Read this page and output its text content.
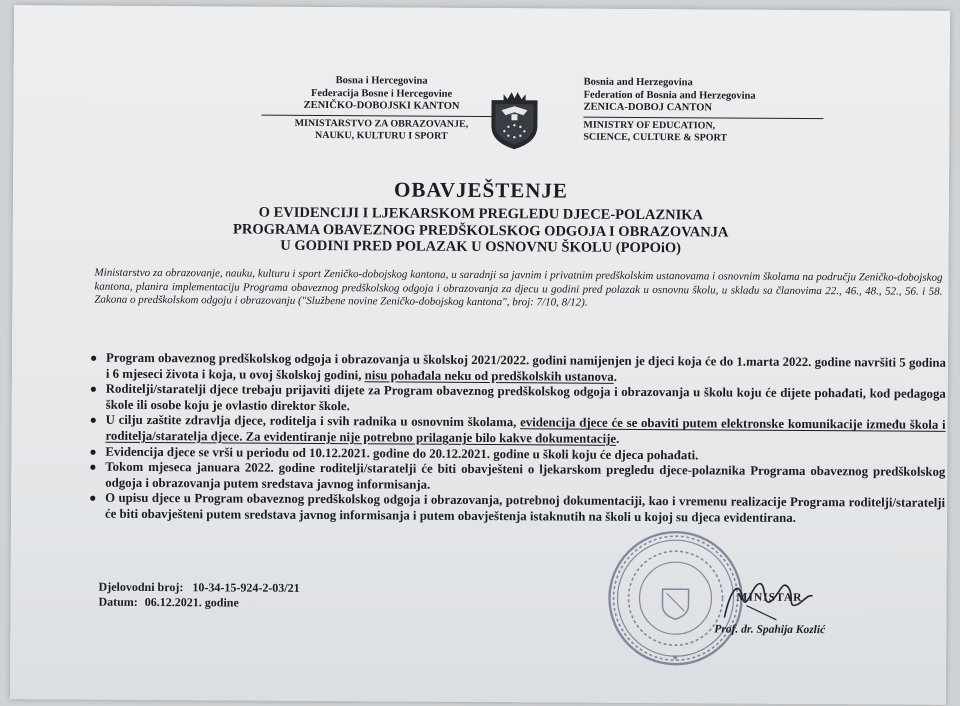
Bosna i Hercegovina
Federacija Bosne i Hercegovine
ZENIČKO-DOBOJSKI KANTON
MINISTARSTVO ZA OBRAZOVANJE,
NAUKU, KULTURU I SPORT
Bosnia and Herzegovina
Federation of Bosnia and Herzegovina
ZENICA-DOBOJ CANTON
MINISTRY OF EDUCATION,
SCIENCE, CULTURE & SPORT
OBAVJEŠTENJE
O EVIDENCIJI I LJEKARSKOM PREGLEDU DJECE-POLAZNIKA
PROGRAMA OBAVEZNOG PREDŠKOLSKOG ODGOJA I OBRAZOVANJA
U GODINI PRED POLAZAK U OSNOVNU ŠKOLU (POPOiO)
Ministarstvo za obrazovanje, nauku, kulturu i sport Zeničko-dobojskog kantona, u saradnji sa javnim i privatnim predškolskim ustanovama i osnovnim školama na području Zeničko-dobojskog kantona, planira implementaciju Programa obaveznog predškolskog odgoja i obrazovanja za djecu u godini pred polazak u osnovnu školu, u skladu sa članovima 22., 46., 48., 52., 56. i 58. Zakona o predškolskom odgoju i obrazovanju ("Službene novine Zeničko-dobojskog kantona", broj: 7/10, 8/12).
● Program obaveznog predškolskog odgoja i obrazovanja u školskoj 2021/2022. godini namijenjen je djeci koja će do 1.marta 2022. godine navršiti 5 godina i 6 mjeseci života i koja, u ovoj školskoj godini, nisu pohađala neku od predškolskih ustanova.
● Roditelji/staratelji djece trebaju prijaviti dijete za Program obaveznog predškolskog odgoja i obrazovanja u školu koju će dijete pohađati, kod pedagoga škole ili osobe koju je ovlastio direktor škole.
● U cilju zaštite zdravlja djece, roditelja i svih radnika u osnovnim školama, evidencija djece će se obaviti putem elektronske komunikacije između škola i roditelja/staratelja djece. Za evidentiranje nije potrebno prilaganje bilo kakve dokumentacije.
● Evidencija djece se vrši u periodu od 10.12.2021. godine do 20.12.2021. godine u školi koju će djeca pohađati.
● Tokom mjeseca januara 2022. godine roditelji/staratelji će biti obavješteni o ljekarskom pregledu djece-polaznika Programa obaveznog predškolskog odgoja i obrazovanja putem sredstava javnog informisanja.
● O upisu djece u Program obaveznog predškolskog odgoja i obrazovanja, potrebnoj dokumentaciji, kao i vremenu realizacije Programa roditelji/staratelji će biti obavješteni putem sredstava javnog informisanja i putem obavještenja istaknutih na školi u kojoj su djeca evidentirana.
Djelovodni broj: 10-34-15-924-2-03/21
Datum: 06.12.2021. godine	MINISTAR
Prof. dr. Spahija Kozlić
